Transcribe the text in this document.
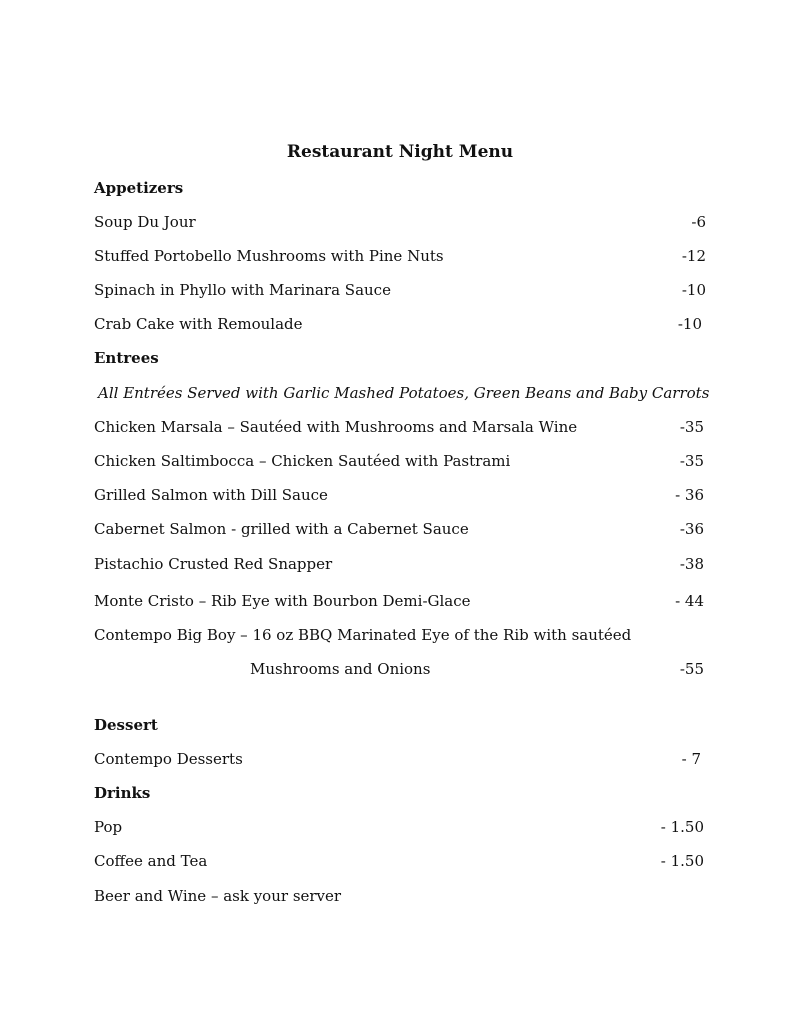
Restaurant Night Menu
Appetizers
Soup Du Jour	-6
Stuffed Portobello Mushrooms with Pine Nuts	-12
Spinach in Phyllo with Marinara Sauce	-10
Crab Cake with Remoulade	-10
Entrees
All Entrées Served with Garlic Mashed Potatoes, Green Beans and Baby Carrots
Chicken Marsala – Sautéed with Mushrooms and Marsala Wine	-35
Chicken Saltimbocca – Chicken Sautéed with Pastrami	-35
Grilled Salmon with Dill Sauce	- 36
Cabernet Salmon - grilled with a Cabernet Sauce	-36
Pistachio Crusted Red Snapper	-38
Monte Cristo – Rib Eye with Bourbon Demi-Glace	- 44
Contempo Big Boy – 16 oz BBQ Marinated Eye of the Rib with sautéed
Mushrooms and Onions	-55
Dessert
Contempo Desserts	- 7
Drinks
Pop	- 1.50
Coffee and Tea	- 1.50
Beer and Wine – ask your server
